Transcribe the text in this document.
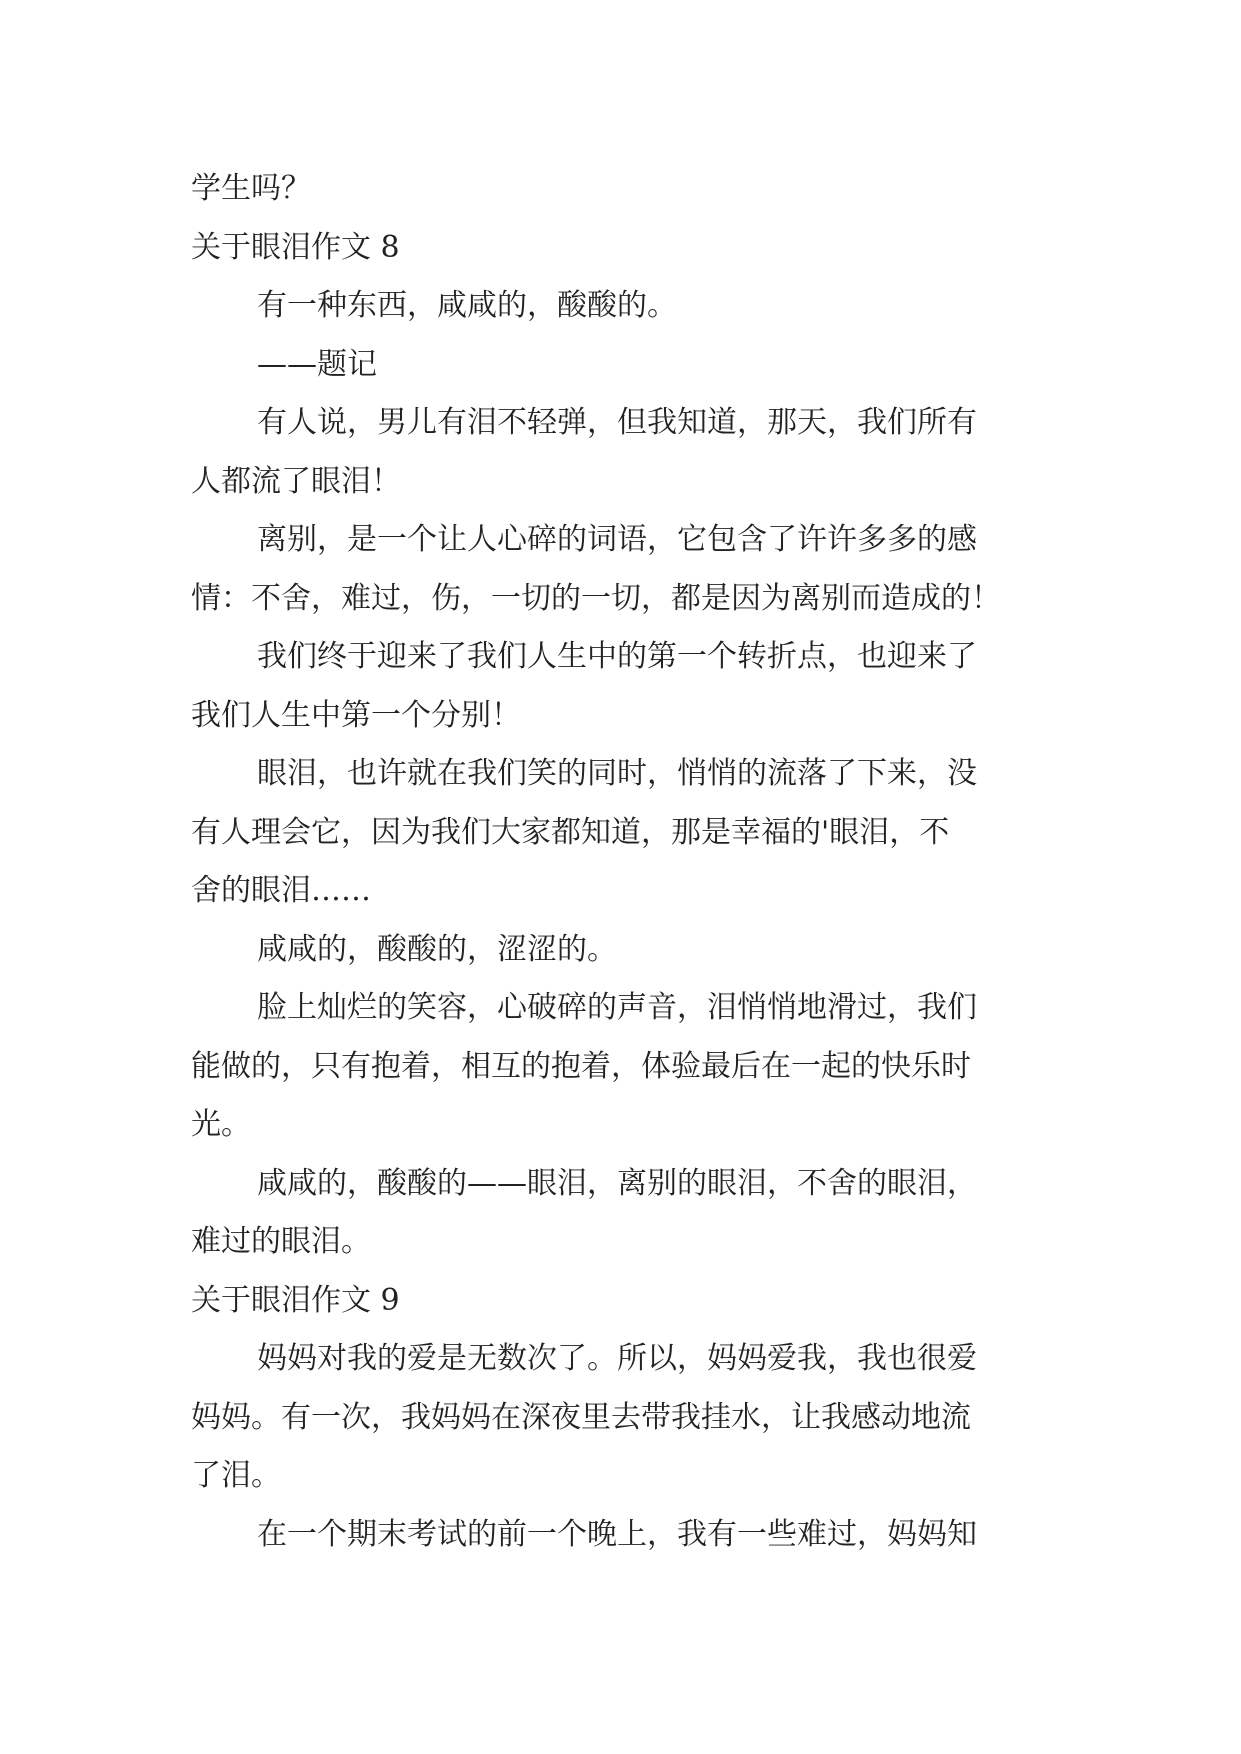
学生吗？
关于眼泪作文 8
有一种东西，咸咸的，酸酸的。
——题记
有人说，男儿有泪不轻弹，但我知道，那天，我们所有
人都流了眼泪！
离别，是一个让人心碎的词语，它包含了许许多多的感
情：不舍，难过，伤，一切的一切，都是因为离别而造成的！
我们终于迎来了我们人生中的第一个转折点，也迎来了
我们人生中第一个分别！
眼泪，也许就在我们笑的同时，悄悄的流落了下来，没
有人理会它，因为我们大家都知道，那是幸福的'眼泪，不
舍的眼泪……
咸咸的，酸酸的，涩涩的。
脸上灿烂的笑容，心破碎的声音，泪悄悄地滑过，我们
能做的，只有抱着，相互的抱着，体验最后在一起的快乐时
光。
咸咸的，酸酸的——眼泪，离别的眼泪，不舍的眼泪，
难过的眼泪。
关于眼泪作文 9
妈妈对我的爱是无数次了。所以，妈妈爱我，我也很爱
妈妈。有一次，我妈妈在深夜里去带我挂水，让我感动地流
了泪。
在一个期末考试的前一个晚上，我有一些难过，妈妈知
